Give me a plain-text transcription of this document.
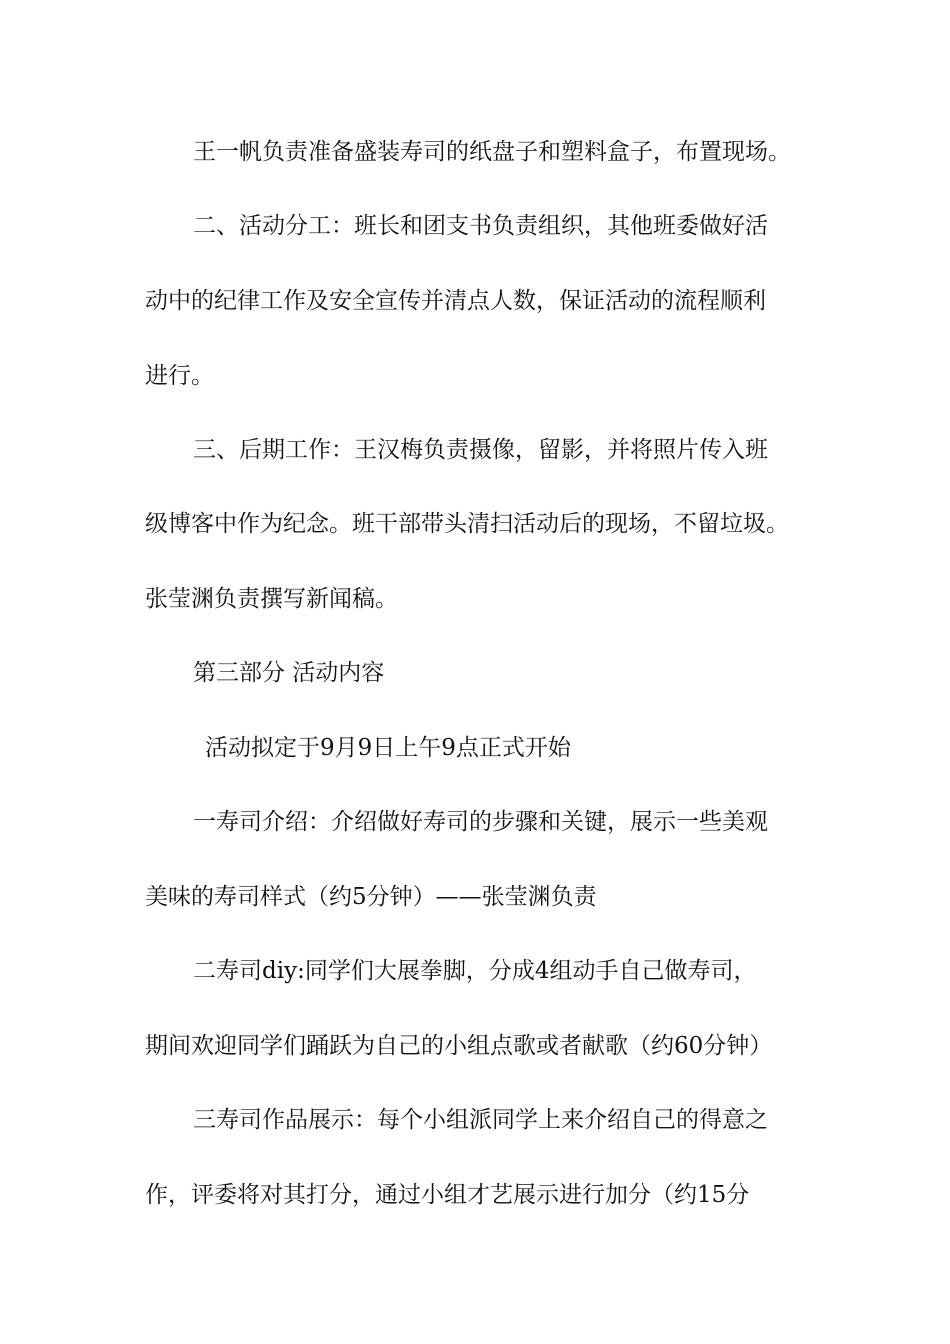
王一帆负责准备盛装寿司的纸盘子和塑料盒子，布置现场。
二、活动分工：班长和团支书负责组织，其他班委做好活
动中的纪律工作及安全宣传并清点人数，保证活动的流程顺利
进行。
三、后期工作：王汉梅负责摄像，留影，并将照片传入班
级博客中作为纪念。班干部带头清扫活动后的现场，不留垃圾。
张莹渊负责撰写新闻稿。
第三部分 活动内容
活动拟定于9月9日上午9点正式开始
一寿司介绍：介绍做好寿司的步骤和关键，展示一些美观
美味的寿司样式（约5分钟）——张莹渊负责
二寿司diy:同学们大展拳脚，分成4组动手自己做寿司，
期间欢迎同学们踊跃为自己的小组点歌或者献歌（约60分钟）
三寿司作品展示：每个小组派同学上来介绍自己的得意之
作，评委将对其打分，通过小组才艺展示进行加分（约15分
